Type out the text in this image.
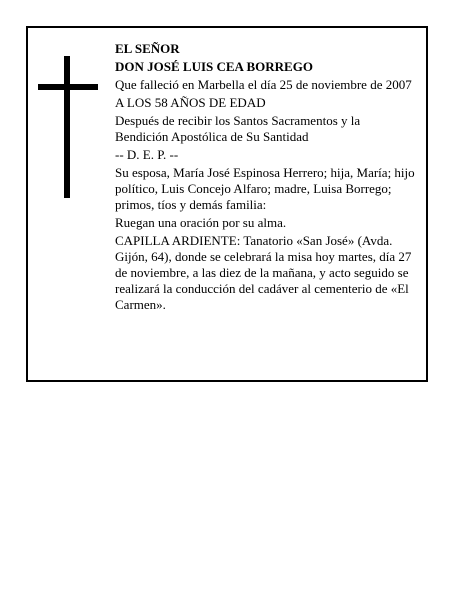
EL SEÑOR

DON JOSÉ LUIS CEA BORREGO

Que falleció en Marbella el día 25 de noviembre de 2007

A LOS 58 AÑOS DE EDAD

Después de recibir los Santos Sacramentos y la Bendición Apostólica de Su Santidad

-- D. E. P. --

Su esposa, María José Espinosa Herrero; hija, María; hijo político, Luis Concejo Alfaro; madre, Luisa Borrego; primos, tíos y demás familia:

Ruegan una oración por su alma.

CAPILLA ARDIENTE: Tanatorio «San José» (Avda. Gijón, 64), donde se celebrará la misa hoy martes, día 27 de noviembre, a las diez de la mañana, y acto seguido se realizará la conducción del cadáver al cementerio de «El Carmen».
